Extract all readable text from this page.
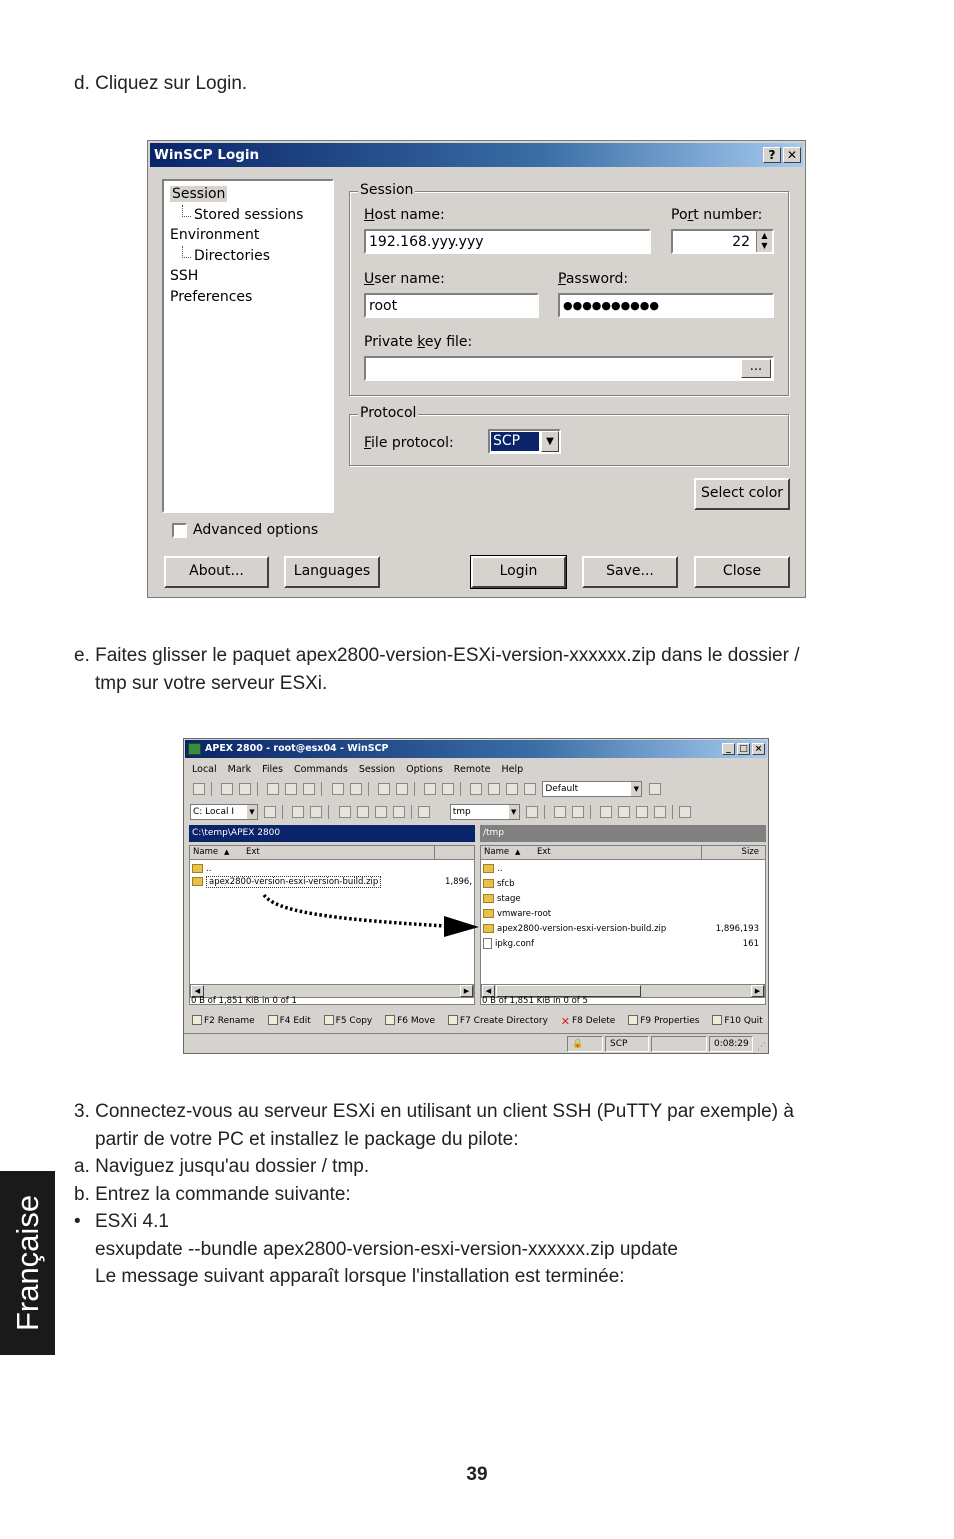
d. Cliquez sur Login.
WinSCP Login	? ✕
Session
Stored sessions
Environment
Directories
SSH
Preferences
Session
Host name:
192.168.yyy.yyy
Port number:
22	▲
▼
User name:
root
Password:
●●●●●●●●●●
Private key file:
...
Protocol
File protocol:	SCP	▼
Select color
Advanced options
About...	Languages	Login	Save...	Close
e. Faites glisser le paquet apex2800-version-ESXi-version-xxxxxx.zip dans le dossier /
tmp sur votre serveur ESXi.
APEX 2800 - root@esx04 - WinSCP	_ □ ×
Local Mark Files Commands Session Options Remote Help
Default	▼

C: Local I	▼	tmp	▼

C:\temp\APEX 2800
Name ▲ Ext
..
apex2800-version-esxi-version-build.zip	1,896,
◀	▶
/tmp
Name ▲ Ext	Size
..
sfcb
stage
vmware-root
apex2800-version-esxi-version-build.zip	1,896,193
ipkg.conf	161
◀	▶
0 B of 1,851 KiB in 0 of 1	0 B of 1,851 KiB in 0 of 5
F2 Rename	F4 Edit	F5 Copy	F6 Move	F7 Create Directory ✕ F8 Delete	F9 Properties	F10 Quit
🔒	SCP	0:08:29 ⋰
3. Connectez-vous au serveur ESXi en utilisant un client SSH (PuTTY par exemple) à
partir de votre PC et installez le package du pilote:
a. Naviguez jusqu'au dossier / tmp.
b. Entrez la commande suivante:
• ESXi 4.1
esxupdate --bundle apex2800-version-esxi-version-xxxxxx.zip update
Le message suivant apparaît lorsque l'installation est terminée:
Française
39
